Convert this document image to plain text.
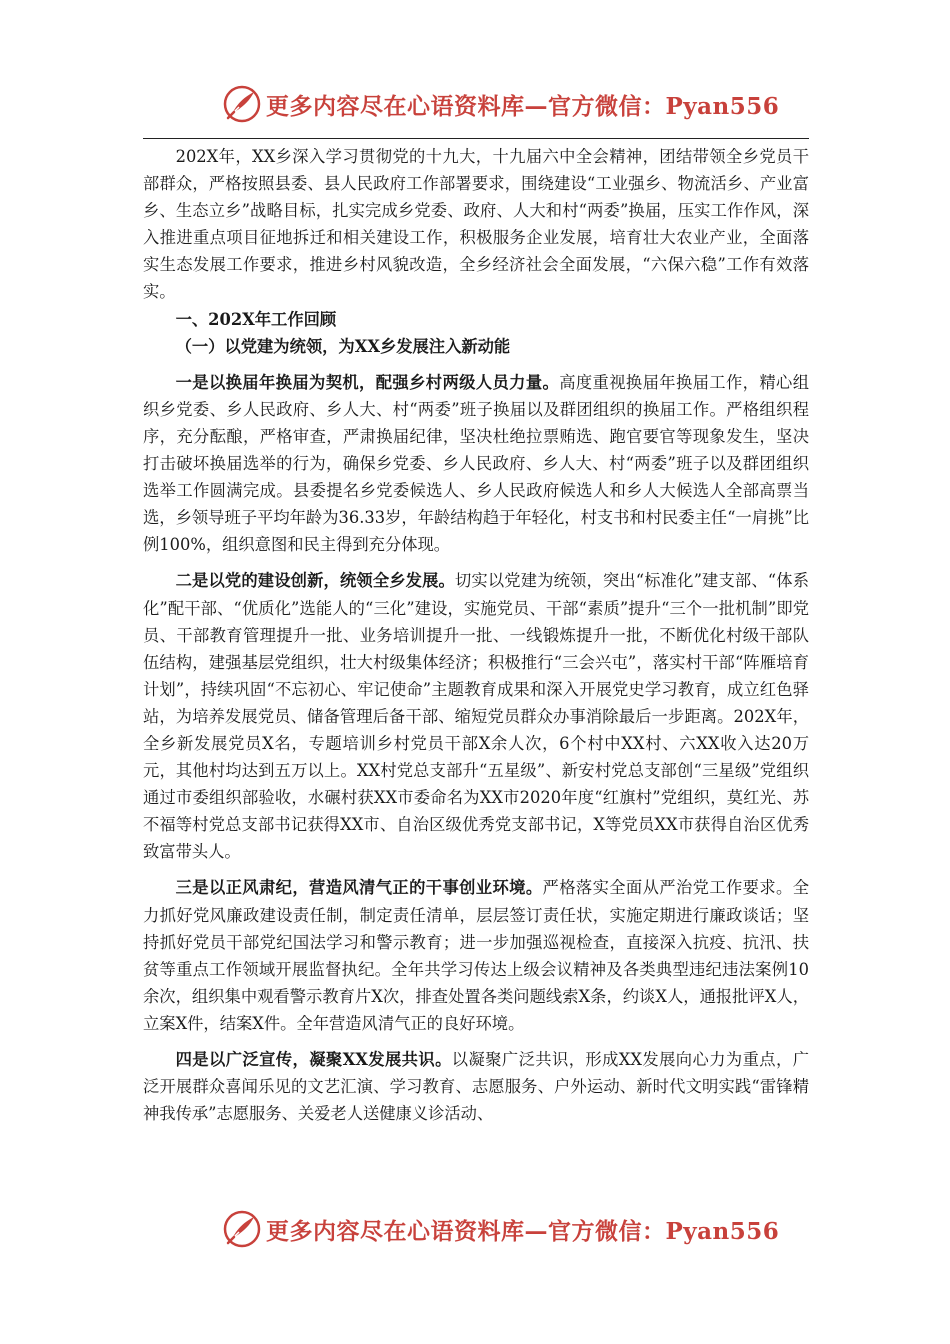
更多内容尽在心语资料库—官方微信：Pyan556

202X年，XX乡深入学习贯彻党的十九大，十九届六中全会精神，团结带领全乡党员干部群众，严格按照县委、县人民政府工作部署要求，围绕建设“工业强乡、物流活乡、产业富乡、生态立乡”战略目标，扎实完成乡党委、政府、人大和村“两委”换届，压实工作作风，深入推进重点项目征地拆迁和相关建设工作，积极服务企业发展，培育壮大农业产业，全面落实生态发展工作要求，推进乡村风貌改造，全乡经济社会全面发展，“六保六稳”工作有效落实。

一、202X年工作回顾

（一）以党建为统领，为XX乡发展注入新动能

一是以换届年换届为契机，配强乡村两级人员力量。高度重视换届年换届工作，精心组织乡党委、乡人民政府、乡人大、村“两委”班子换届以及群团组织的换届工作。严格组织程序，充分酝酿，严格审查，严肃换届纪律，坚决杜绝拉票贿选、跑官要官等现象发生，坚决打击破坏换届选举的行为，确保乡党委、乡人民政府、乡人大、村“两委”班子以及群团组织选举工作圆满完成。县委提名乡党委候选人、乡人民政府候选人和乡人大候选人全部高票当选，乡领导班子平均年龄为36.33岁，年龄结构趋于年轻化，村支书和村民委主任“一肩挑”比例100%，组织意图和民主得到充分体现。

二是以党的建设创新，统领全乡发展。切实以党建为统领，突出“标准化”建支部、“体系化”配干部、“优质化”选能人的“三化”建设，实施党员、干部“素质”提升“三个一批机制”即党员、干部教育管理提升一批、业务培训提升一批、一线锻炼提升一批，不断优化村级干部队伍结构，建强基层党组织，壮大村级集体经济；积极推行“三会兴屯”，落实村干部“阵雁培育计划”，持续巩固“不忘初心、牢记使命”主题教育成果和深入开展党史学习教育，成立红色驿站，为培养发展党员、储备管理后备干部、缩短党员群众办事消除最后一步距离。202X年，全乡新发展党员X名，专题培训乡村党员干部X余人次，6个村中XX村、六XX收入达20万元，其他村均达到五万以上。XX村党总支部升“五星级”、新安村党总支部创“三星级”党组织通过市委组织部验收，水碾村获XX市委命名为XX市2020年度“红旗村”党组织，莫红光、苏不福等村党总支部书记获得XX市、自治区级优秀党支部书记，X等党员XX市获得自治区优秀致富带头人。

三是以正风肃纪，营造风清气正的干事创业环境。严格落实全面从严治党工作要求。全力抓好党风廉政建设责任制，制定责任清单，层层签订责任状，实施定期进行廉政谈话；坚持抓好党员干部党纪国法学习和警示教育；进一步加强巡视检查，直接深入抗疫、抗汛、扶贫等重点工作领域开展监督执纪。全年共学习传达上级会议精神及各类典型违纪违法案例10余次，组织集中观看警示教育片X次，排查处置各类问题线索X条，约谈X人，通报批评X人，立案X件，结案X件。全年营造风清气正的良好环境。

四是以广泛宣传，凝聚XX发展共识。以凝聚广泛共识，形成XX发展向心力为重点，广泛开展群众喜闻乐见的文艺汇演、学习教育、志愿服务、户外运动、新时代文明实践“雷锋精神我传承”志愿服务、关爱老人送健康义诊活动、

更多内容尽在心语资料库—官方微信：Pyan556
